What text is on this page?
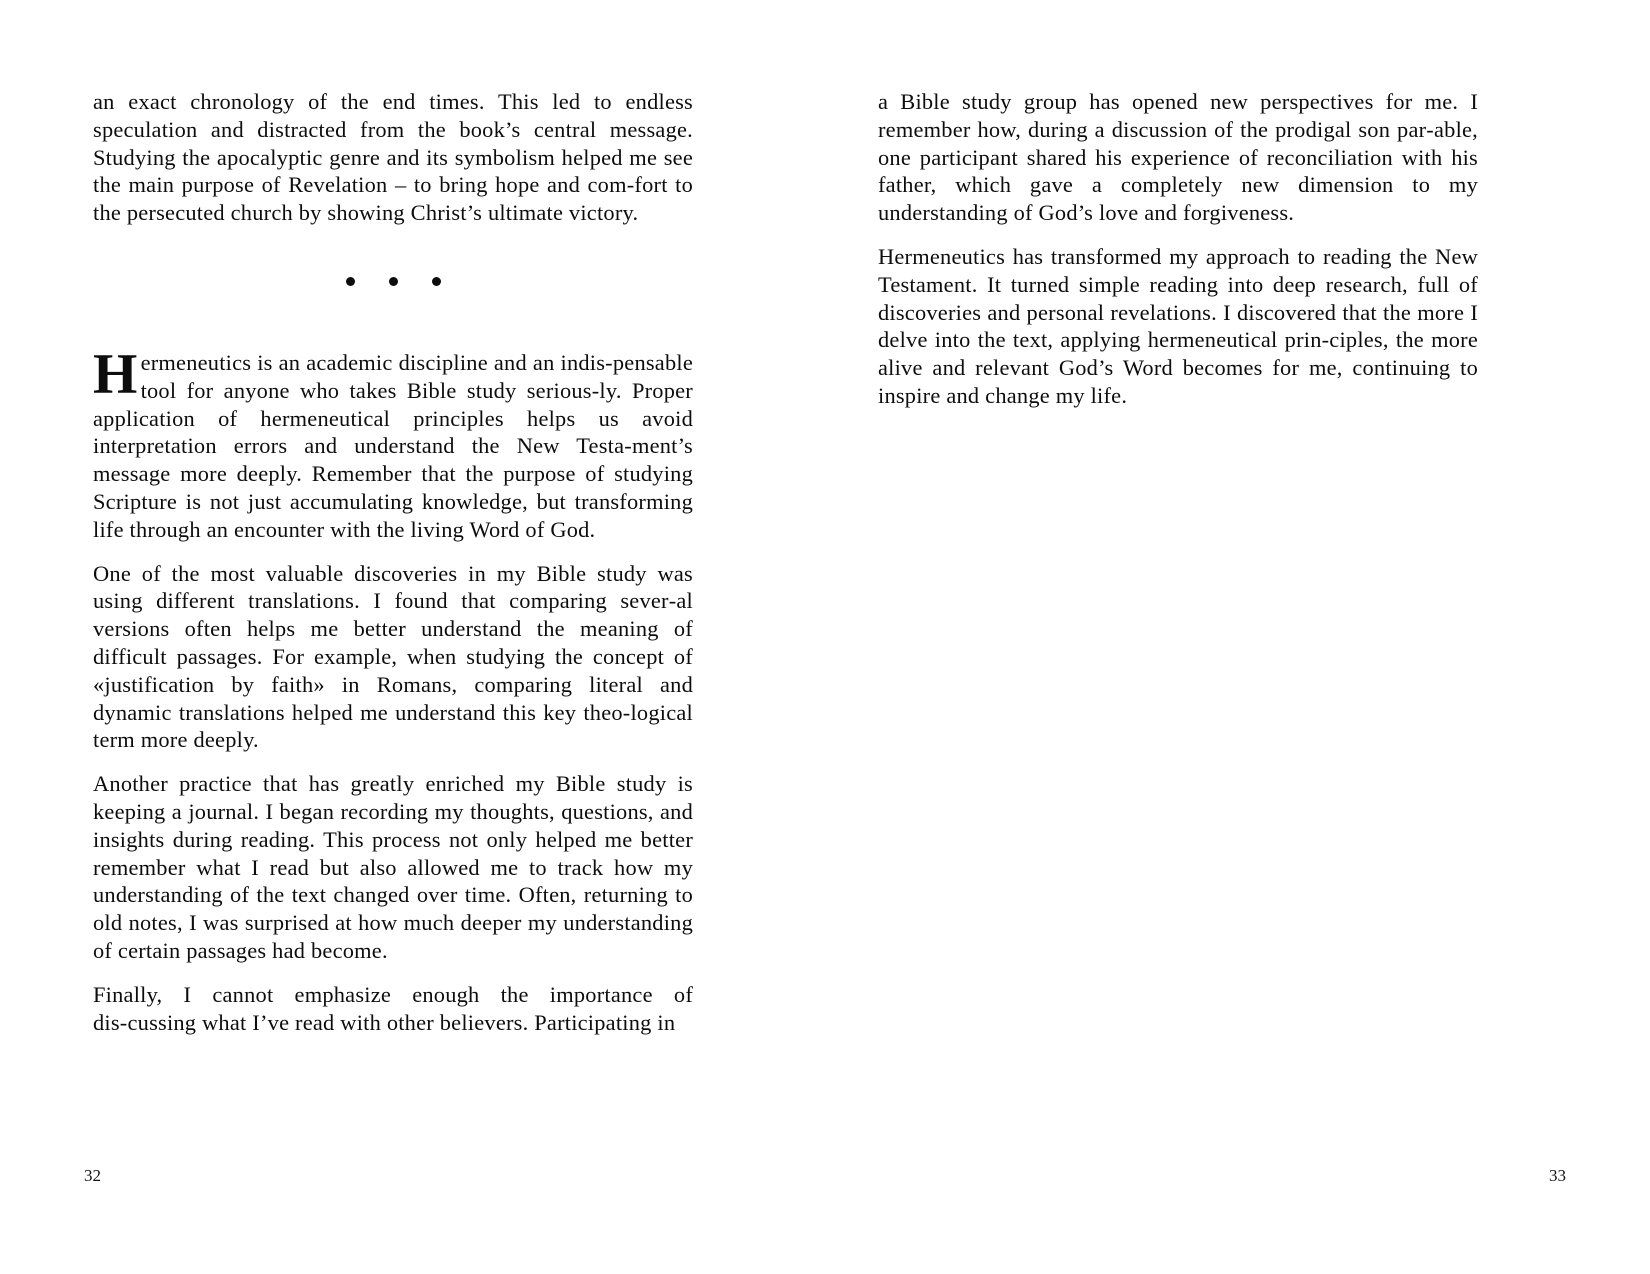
an exact chronology of the end times. This led to endless speculation and distracted from the book’s central message. Studying the apocalyptic genre and its symbolism helped me see the main purpose of Revelation – to bring hope and com‑fort to the persecuted church by showing Christ’s ultimate victory.

Hermeneutics is an academic discipline and an indis‑pensable tool for anyone who takes Bible study serious‑ly. Proper application of hermeneutical principles helps us avoid interpretation errors and understand the New Testa‑ment’s message more deeply. Remember that the purpose of studying Scripture is not just accumulating knowledge, but transforming life through an encounter with the living Word of God.

One of the most valuable discoveries in my Bible study was using different translations. I found that comparing sever‑al versions often helps me better understand the meaning of difficult passages. For example, when studying the concept of «justification by faith» in Romans, comparing literal and dynamic translations helped me understand this key theo‑logical term more deeply.

Another practice that has greatly enriched my Bible study is keeping a journal. I began recording my thoughts, questions, and insights during reading. This process not only helped me better remember what I read but also allowed me to track how my understanding of the text changed over time. Often, returning to old notes, I was surprised at how much deeper my understanding of certain passages had become.

Finally, I cannot emphasize enough the importance of dis‑cussing what I’ve read with other believers. Participating in

32

a Bible study group has opened new perspectives for me. I remember how, during a discussion of the prodigal son par‑able, one participant shared his experience of reconciliation with his father, which gave a completely new dimension to my understanding of God’s love and forgiveness.

Hermeneutics has transformed my approach to reading the New Testament. It turned simple reading into deep research, full of discoveries and personal revelations. I discovered that the more I delve into the text, applying hermeneutical prin‑ciples, the more alive and relevant God’s Word becomes for me, continuing to inspire and change my life.

33
